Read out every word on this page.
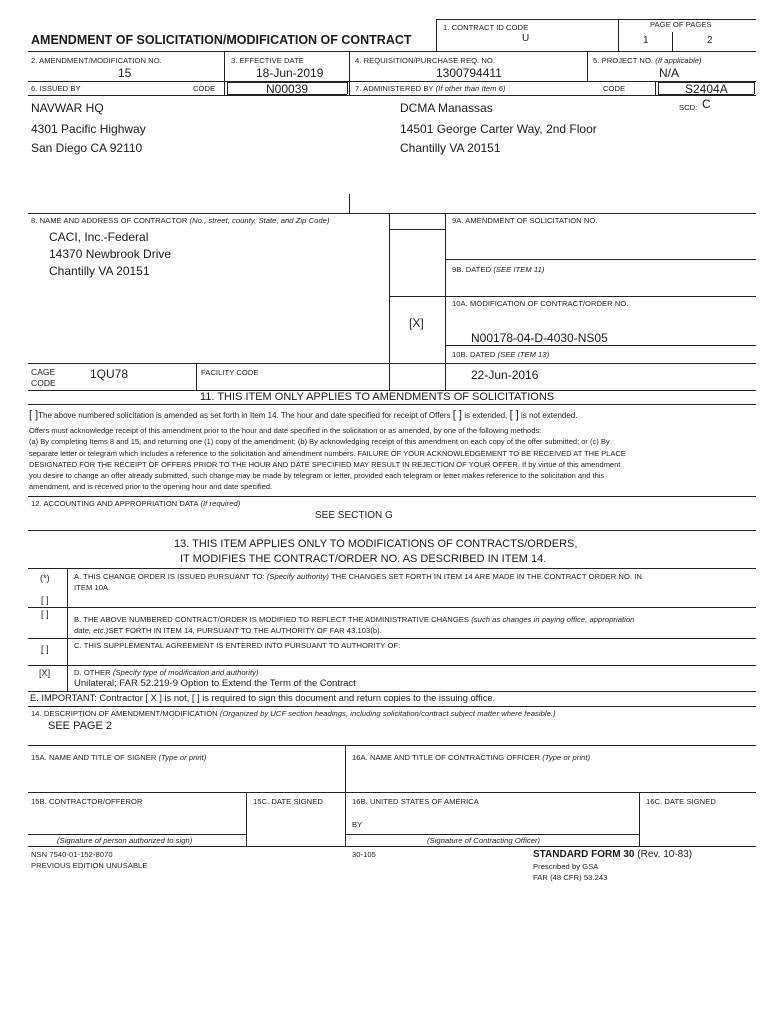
AMENDMENT OF SOLICITATION/MODIFICATION OF CONTRACT
1. CONTRACT ID CODE
U
PAGE OF PAGES
1	2
2. AMENDMENT/MODIFICATION NO.
15
3. EFFECTIVE DATE
18-Jun-2019
4. REQUISITION/PURCHASE REQ. NO.
1300794411
5. PROJECT NO. (If applicable)
N/A
6. ISSUED BY	CODE	N00039	7. ADMINISTERED BY (If other than Item 6)	CODE	S2404A
SCD: C
NAVWAR HQ
4301 Pacific Highway
San Diego CA 92110
DCMA Manassas
14501 George Carter Way, 2nd Floor
Chantilly VA 20151
8. NAME AND ADDRESS OF CONTRACTOR (No., street, county, State, and Zip Code)
CACI, Inc.-Federal
14370 Newbrook Drive
Chantilly VA 20151
CAGE
CODE
1QU78	FACILITY CODE
9A. AMENDMENT OF SOLICITATION NO.
9B. DATED (SEE ITEM 11)
[X]
10A. MODIFICATION OF CONTRACT/ORDER NO.
N00178-04-D-4030-NS05
10B. DATED (SEE ITEM 13)
22-Jun-2016
11. THIS ITEM ONLY APPLIES TO AMENDMENTS OF SOLICITATIONS
[ ]The above numbered solicitation is amended as set forth in Item 14. The hour and date specified for receipt of Offers [ ] is extended, [ ] is not extended.
Offers must acknowledge receipt of this amendment prior to the hour and date specified in the solicitation or as amended, by one of the following methods:
(a) By completing Items 8 and 15, and returning one (1) copy of the amendment; (b) By acknowledging receipt of this amendment on each copy of the offer submitted; or (c) By
separate letter or telegram which includes a reference to the solicitation and amendment numbers. FAILURE OF YOUR ACKNOWLEDGEMENT TO BE RECEIVED AT THE PLACE
DESIGNATED FOR THE RECEIPT OF OFFERS PRIOR TO THE HOUR AND DATE SPECIFIED MAY RESULT IN REJECTION OF YOUR OFFER. If by virtue of this amendment
you desire to change an offer already submitted, such change may be made by telegram or letter, provided each telegram or letter makes reference to the solicitation and this
amendment, and is received prior to the opening hour and date specified.
12. ACCOUNTING AND APPROPRIATION DATA (If required)
SEE SECTION G
13. THIS ITEM APPLIES ONLY TO MODIFICATIONS OF CONTRACTS/ORDERS,
IT MODIFIES THE CONTRACT/ORDER NO. AS DESCRIBED IN ITEM 14.
(*)	A. THIS CHANGE ORDER IS ISSUED PURSUANT TO: (Specify authority) THE CHANGES SET FORTH IN ITEM 14 ARE MADE IN THE CONTRACT ORDER NO. IN
ITEM 10A.
[ ]
[ ]
B. THE ABOVE NUMBERED CONTRACT/ORDER IS MODIFIED TO REFLECT THE ADMINISTRATIVE CHANGES (such as changes in paying office, appropriation
date, etc.)SET FORTH IN ITEM 14, PURSUANT TO THE AUTHORITY OF FAR 43.103(b).
[ ]	C. THIS SUPPLEMENTAL AGREEMENT IS ENTERED INTO PURSUANT TO AUTHORITY OF:
[X]	D. OTHER (Specify type of modification and authority)
Unilateral; FAR 52.219-9 Option to Extend the Term of the Contract
E. IMPORTANT: Contractor [ X ] is not, [ ] is required to sign this document and return copies to the issuing office.
14. DESCRIPTION OF AMENDMENT/MODIFICATION (Organized by UCF section headings, including solicitation/contract subject matter where feasible.)
SEE PAGE 2
15A. NAME AND TITLE OF SIGNER (Type or print)	16A. NAME AND TITLE OF CONTRACTING OFFICER (Type or print)
15B. CONTRACTOR/OFFEROR	15C. DATE SIGNED	16B. UNITED STATES OF AMERICA
BY
16C. DATE SIGNED
(Signature of person authorized to sign)	(Signature of Contracting Officer)
NSN 7540-01-152-8070
PREVIOUS EDITION UNUSABLE
30-105	STANDARD FORM 30 (Rev. 10-83)
Prescribed by GSA
FAR (48 CFR) 53.243
